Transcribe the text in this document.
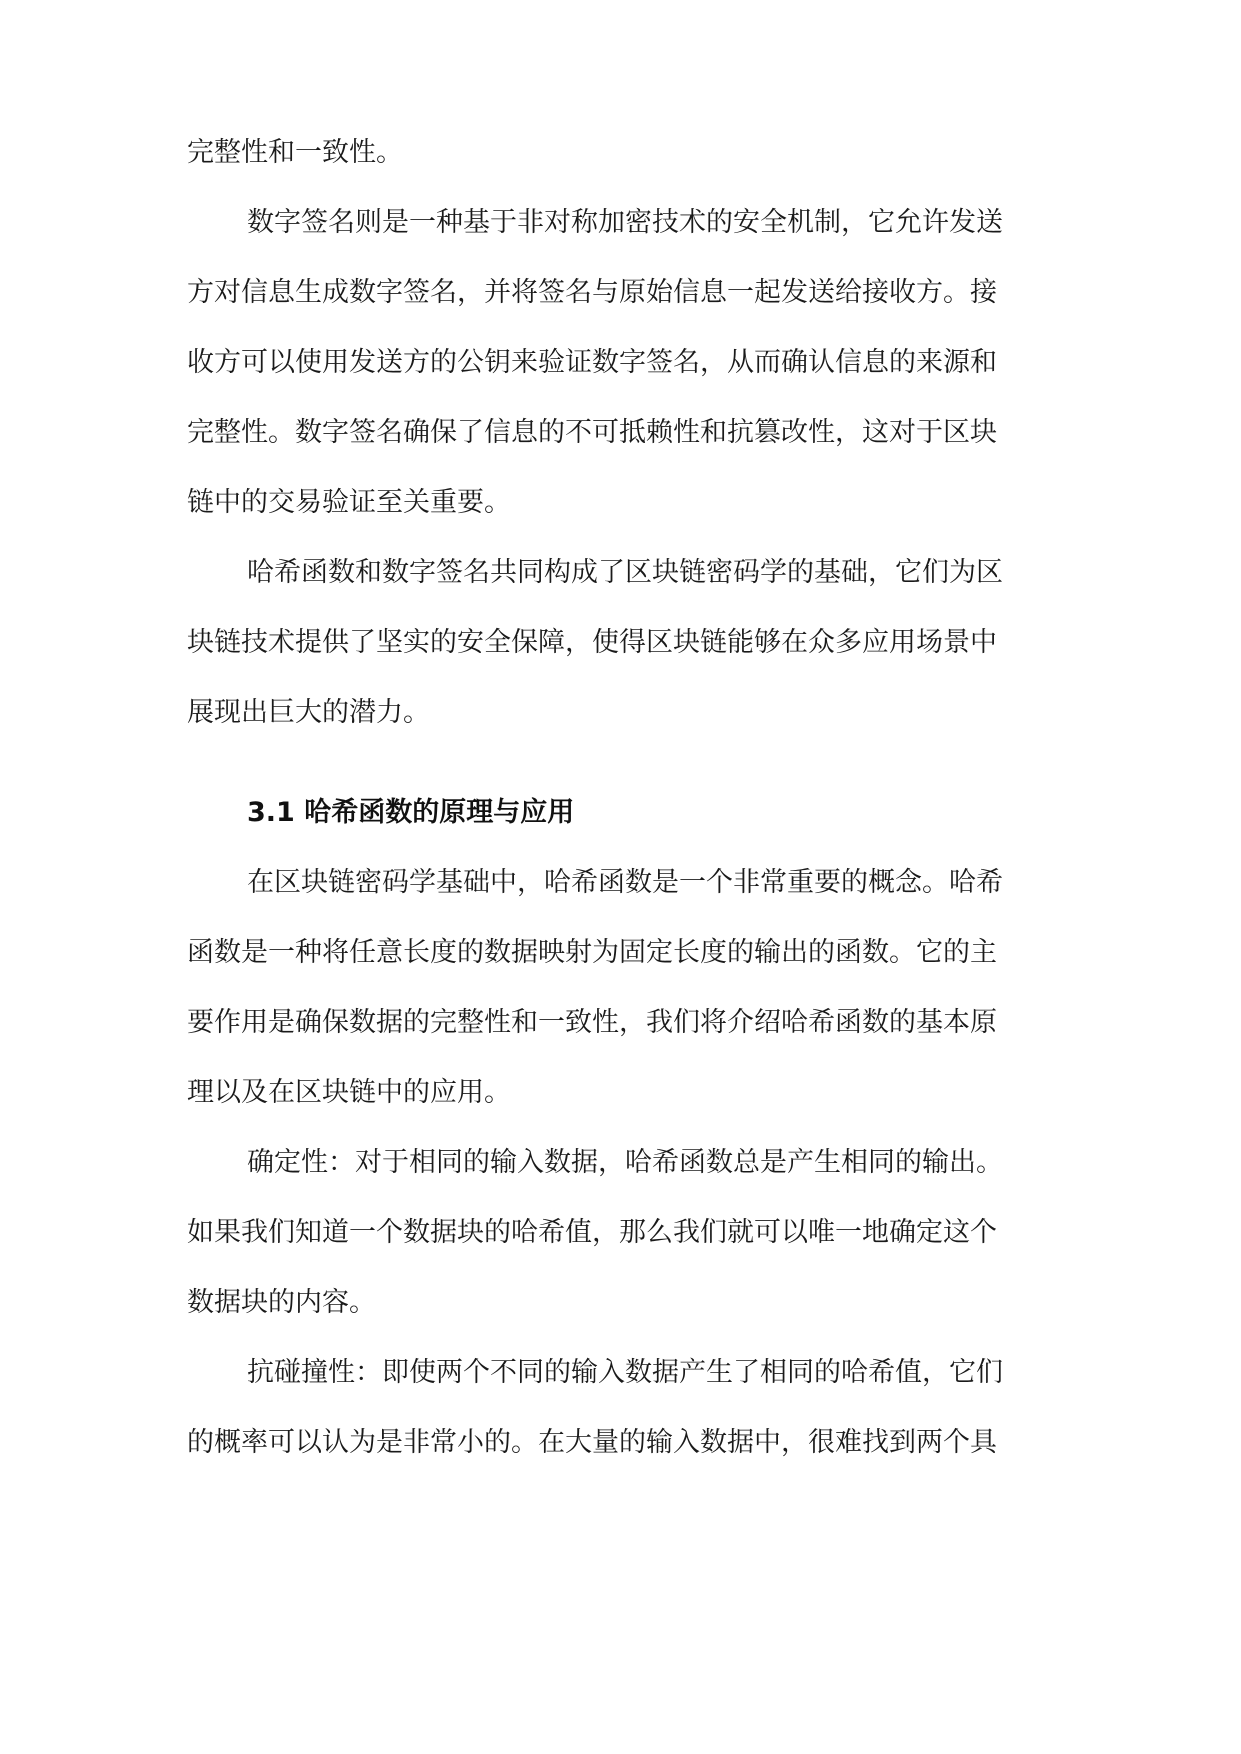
完整性和一致性。
数字签名则是一种基于非对称加密技术的安全机制，它允许发送
方对信息生成数字签名，并将签名与原始信息一起发送给接收方。接
收方可以使用发送方的公钥来验证数字签名，从而确认信息的来源和
完整性。数字签名确保了信息的不可抵赖性和抗篡改性，这对于区块
链中的交易验证至关重要。
哈希函数和数字签名共同构成了区块链密码学的基础，它们为区
块链技术提供了坚实的安全保障，使得区块链能够在众多应用场景中
展现出巨大的潜力。
3.1 哈希函数的原理与应用
在区块链密码学基础中，哈希函数是一个非常重要的概念。哈希
函数是一种将任意长度的数据映射为固定长度的输出的函数。它的主
要作用是确保数据的完整性和一致性，我们将介绍哈希函数的基本原
理以及在区块链中的应用。
确定性：对于相同的输入数据，哈希函数总是产生相同的输出。
如果我们知道一个数据块的哈希值，那么我们就可以唯一地确定这个
数据块的内容。
抗碰撞性：即使两个不同的输入数据产生了相同的哈希值，它们
的概率可以认为是非常小的。在大量的输入数据中，很难找到两个具
